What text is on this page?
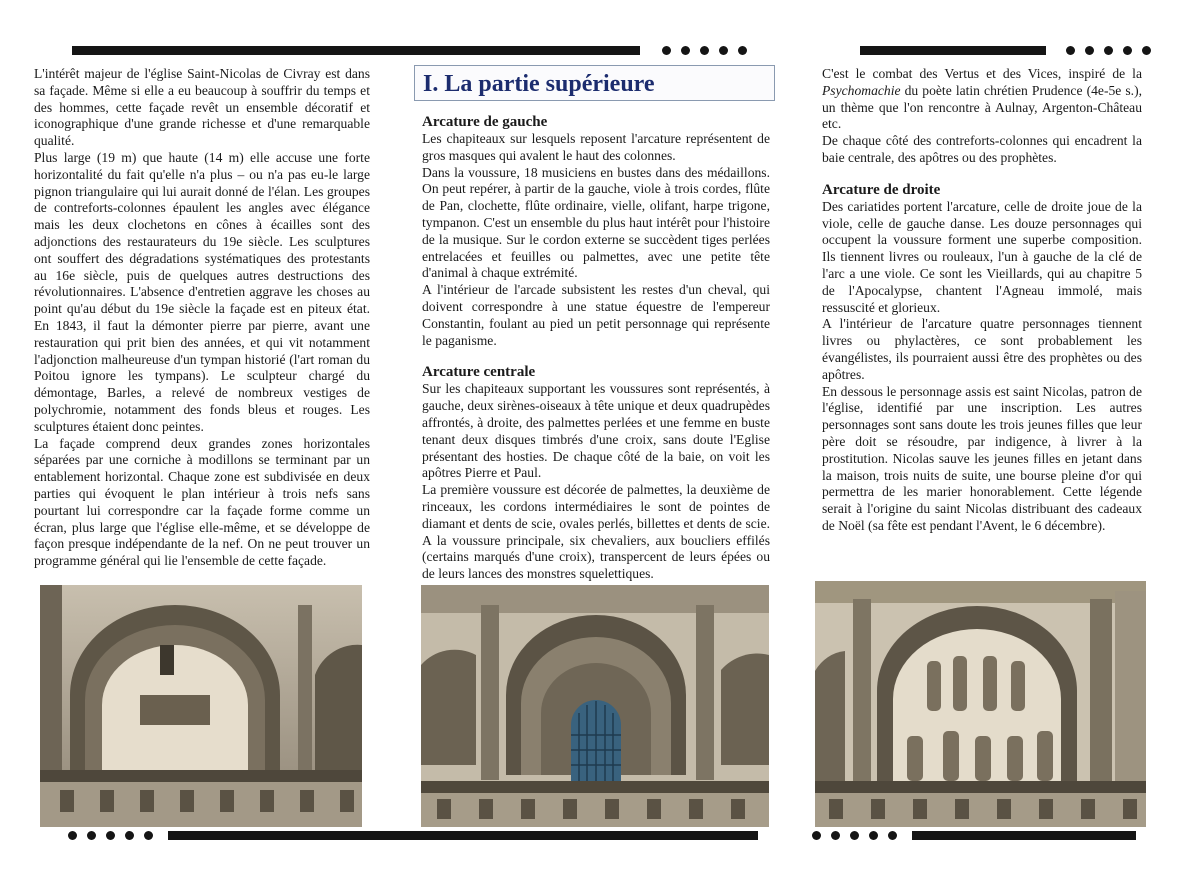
L'intérêt majeur de l'église Saint-Nicolas de Civray est dans sa façade. Même si elle a eu beaucoup à souffrir du temps et des hommes, cette façade revêt un ensemble décoratif et iconographique d'une grande richesse et d'une remarquable qualité.

Plus large (19 m) que haute (14 m) elle accuse une forte horizontalité du fait qu'elle n'a plus – ou n'a pas eu-le large pignon triangulaire qui lui aurait donné de l'élan. Les groupes de contreforts-colonnes épaulent les angles avec élégance mais les deux clochetons en cônes à écailles sont des adjonctions des restaurateurs du 19e siècle. Les sculptures ont souffert des dégradations systématiques des protestants au 16e siècle, puis de quelques autres destructions des révolutionnaires. L'absence d'entretien aggrave les choses au point qu'au début du 19e siècle la façade est en piteux état. En 1843, il faut la démonter pierre par pierre, avant une restauration qui prit bien des années, et qui vit notamment l'adjonction malheureuse d'un tympan historié (l'art roman du Poitou ignore les tympans). Le sculpteur chargé du démontage, Barles, a relevé de nombreux vestiges de polychromie, notamment des fonds bleus et rouges. Les sculptures étaient donc peintes.

La façade comprend deux grandes zones horizontales séparées par une corniche à modillons se terminant par un entablement horizontal. Chaque zone est subdivisée en deux parties qui évoquent le plan intérieur à trois nefs sans pourtant lui correspondre car la façade forme comme un écran, plus large que l'église elle-même, et se développe de façon presque indépendante de la nef. On ne peut trouver un programme général qui lie l'ensemble de cette façade.

I. La partie supérieure
Arcature de gauche

Les chapiteaux sur lesquels reposent l'arcature représentent de gros masques qui avalent le haut des colonnes.

Dans la voussure, 18 musiciens en bustes dans des médaillons. On peut repérer, à partir de la gauche, viole à trois cordes, flûte de Pan, clochette, flûte ordinaire, vielle, olifant, harpe trigone, tympanon. C'est un ensemble du plus haut intérêt pour l'histoire de la musique. Sur le cordon externe se succèdent tiges perlées entrelacées et feuilles ou palmettes, avec une petite tête d'animal à chaque extrémité.

A l'intérieur de l'arcade subsistent les restes d'un cheval, qui doivent correspondre à une statue équestre de l'empereur Constantin, foulant au pied un petit personnage qui représente le paganisme.

Arcature centrale

Sur les chapiteaux supportant les voussures sont représentés, à gauche, deux sirènes-oiseaux à tête unique et deux quadrupèdes affrontés, à droite, des palmettes perlées et une femme en buste tenant deux disques timbrés d'une croix, sans doute l'Eglise présentant des hosties. De chaque côté de la baie, on voit les apôtres Pierre et Paul.

La première voussure est décorée de palmettes, la deuxième de rinceaux, les cordons intermédiaires le sont de pointes de diamant et dents de scie, ovales perlés, billettes et dents de scie. A la voussure principale, six chevaliers, aux boucliers effilés (certains marqués d'une croix), transpercent de leurs épées ou de leurs lances des monstres squelettiques.

C'est le combat des Vertus et des Vices, inspiré de la Psychomachie du poète latin chrétien Prudence (4e-5e s.), un thème que l'on rencontre à Aulnay, Argenton-Château etc.

De chaque côté des contreforts-colonnes qui encadrent la baie centrale, des apôtres ou des prophètes.

Arcature de droite

Des cariatides portent l'arcature, celle de droite joue de la viole, celle de gauche danse. Les douze personnages qui occupent la voussure forment une superbe composition. Ils tiennent livres ou rouleaux, l'un à gauche de la clé de l'arc a une viole. Ce sont les Vieillards, qui au chapitre 5 de l'Apocalypse, chantent l'Agneau immolé, mais ressuscité et glorieux.

A l'intérieur de l'arcature quatre personnages tiennent livres ou phylactères, ce sont probablement les évangélistes, ils pourraient aussi être des prophètes ou des apôtres.

En dessous le personnage assis est saint Nicolas, patron de l'église, identifié par une inscription. Les autres personnages sont sans doute les trois jeunes filles que leur père doit se résoudre, par indigence, à livrer à la prostitution. Nicolas sauve les jeunes filles en jetant dans la maison, trois nuits de suite, une bourse pleine d'or qui permettra de les marier honorablement. Cette légende serait à l'origine du saint Nicolas distribuant des cadeaux de Noël (sa fête est pendant l'Avent, le 6 décembre).
